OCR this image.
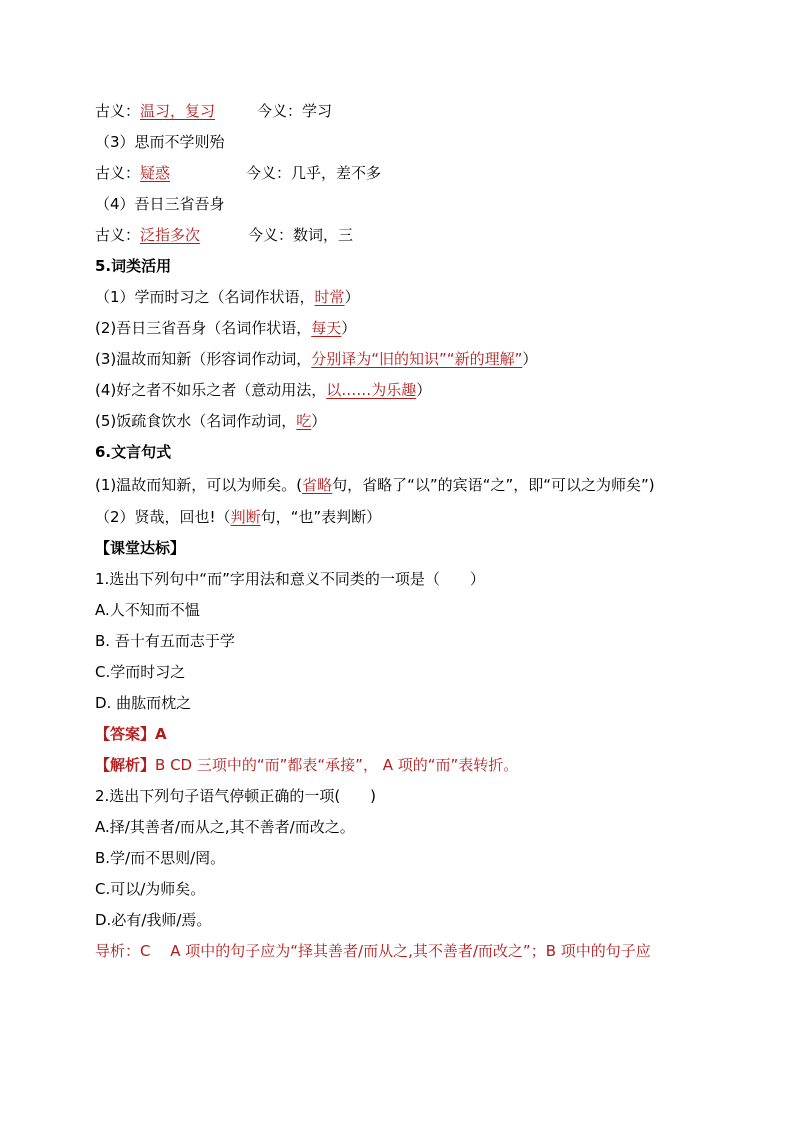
古义：温习，复习	今义：学习
（3）思而不学则殆
古义：疑惑	今义：几乎，差不多
（4）吾日三省吾身
古义：泛指多次	今义：数词，三
5.词类活用
（1）学而时习之（名词作状语，时常）
(2)吾日三省吾身（名词作状语，每天）
(3)温故而知新（形容词作动词，分别译为“旧的知识”“新的理解”）
(4)好之者不如乐之者（意动用法，以……为乐趣）
(5)饭疏食饮水（名词作动词，吃）
6.文言句式
(1)温故而知新，可以为师矣。(省略句，省略了“以”的宾语“之”，即“可以之为师矣”)
（2）贤哉，回也!（判断句，“也”表判断）
【课堂达标】
1.选出下列句中“而”字用法和意义不同类的一项是（　　）
A.人不知而不愠
B. 吾十有五而志于学
C.学而时习之
D. 曲肱而枕之
【答案】A
【解析】B CD 三项中的“而”都表“承接”， A 项的“而”表转折。
2.选出下列句子语气停顿正确的一项(　　)
A.择/其善者/而从之,其不善者/而改之。
B.学/而不思则/罔。
C.可以/为师矣。
D.必有/我师/焉。
导析：C　 A 项中的句子应为“择其善者/而从之,其不善者/而改之”；B 项中的句子应
